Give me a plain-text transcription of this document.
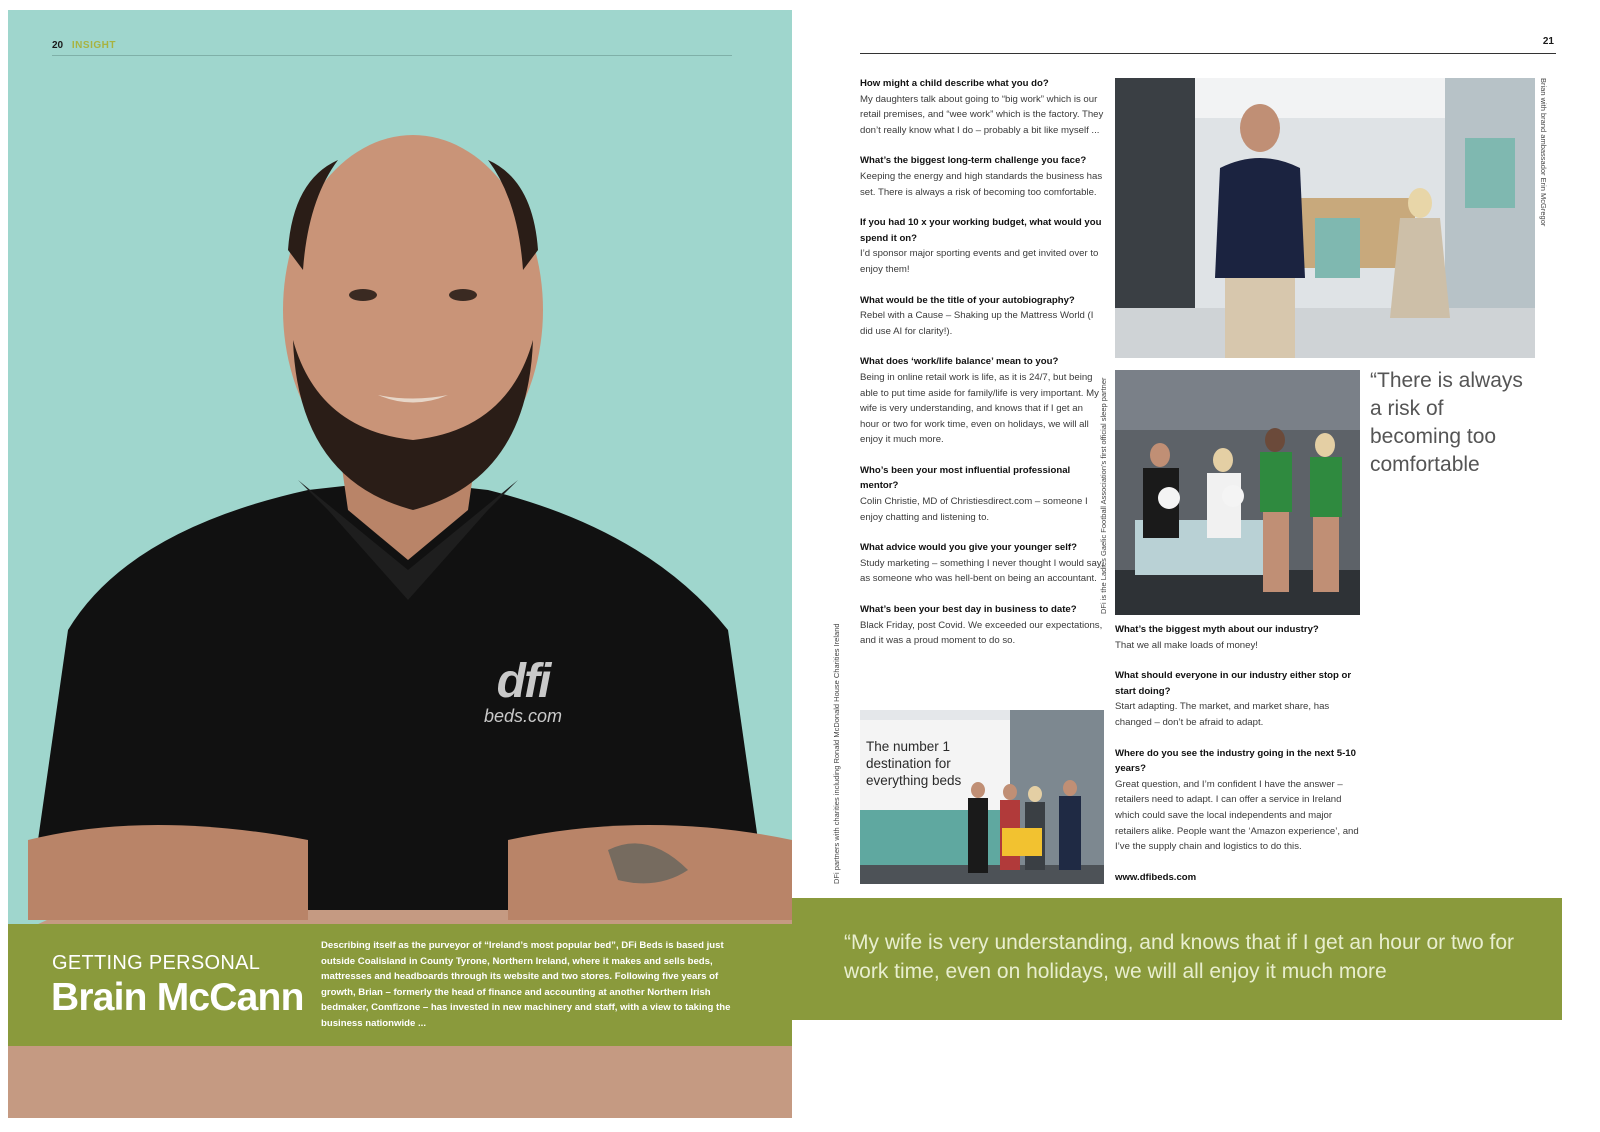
20 INSIGHT
dfi
beds.com
GETTING PERSONAL
Brain McCann
Describing itself as the purveyor of “Ireland’s most popular bed”, DFi Beds is based just outside Coalisland in County Tyrone, Northern Ireland, where it makes and sells beds, mattresses and headboards through its website and two stores. Following five years of growth, Brian – formerly the head of finance and accounting at another Northern Irish bedmaker, Comfizone – has invested in new machinery and staff, with a view to taking the business nationwide ...
21
How might a child describe what you do?
My daughters talk about going to “big work” which is our retail premises, and “wee work” which is the factory. They don’t really know what I do – probably a bit like myself ...
What’s the biggest long-term challenge you face?
Keeping the energy and high standards the business has set. There is always a risk of becoming too comfortable.
If you had 10 x your working budget, what would you spend it on?
I’d sponsor major sporting events and get invited over to enjoy them!
What would be the title of your autobiography?
Rebel with a Cause – Shaking up the Mattress World (I did use AI for clarity!).
What does ‘work/life balance’ mean to you?
Being in online retail work is life, as it is 24/7, but being able to put time aside for family/life is very important. My wife is very understanding, and knows that if I get an hour or two for work time, even on holidays, we will all enjoy it much more.
Who’s been your most influential professional mentor?
Colin Christie, MD of Christiesdirect.com – someone I enjoy chatting and listening to.
What advice would you give your younger self?
Study marketing – something I never thought I would say, as someone who was hell-bent on being an accountant.
What’s been your best day in business to date?
Black Friday, post Covid. We exceeded our expectations, and it was a proud moment to do so.
Brian with brand ambassador Erin McGregor
DFi is the Ladies Gaelic Football Association’s first official sleep partner	“There is always a risk of becoming too comfortable
What’s the biggest myth about our industry?
That we all make loads of money!
What should everyone in our industry either stop or start doing?
Start adapting. The market, and market share, has changed – don’t be afraid to adapt.
Where do you see the industry going in the next 5-10 years?
Great question, and I’m confident I have the answer – retailers need to adapt. I can offer a service in Ireland which could save the local independents and major retailers alike. People want the ‘Amazon experience’, and I’ve the supply chain and logistics to do this.
www.dfibeds.com
The number 1 destination for everything beds
DFi partners with charities including Ronald McDonald House Charities Ireland
“My wife is very understanding, and knows that if I get an hour or two for work time, even on holidays, we will all enjoy it much more
